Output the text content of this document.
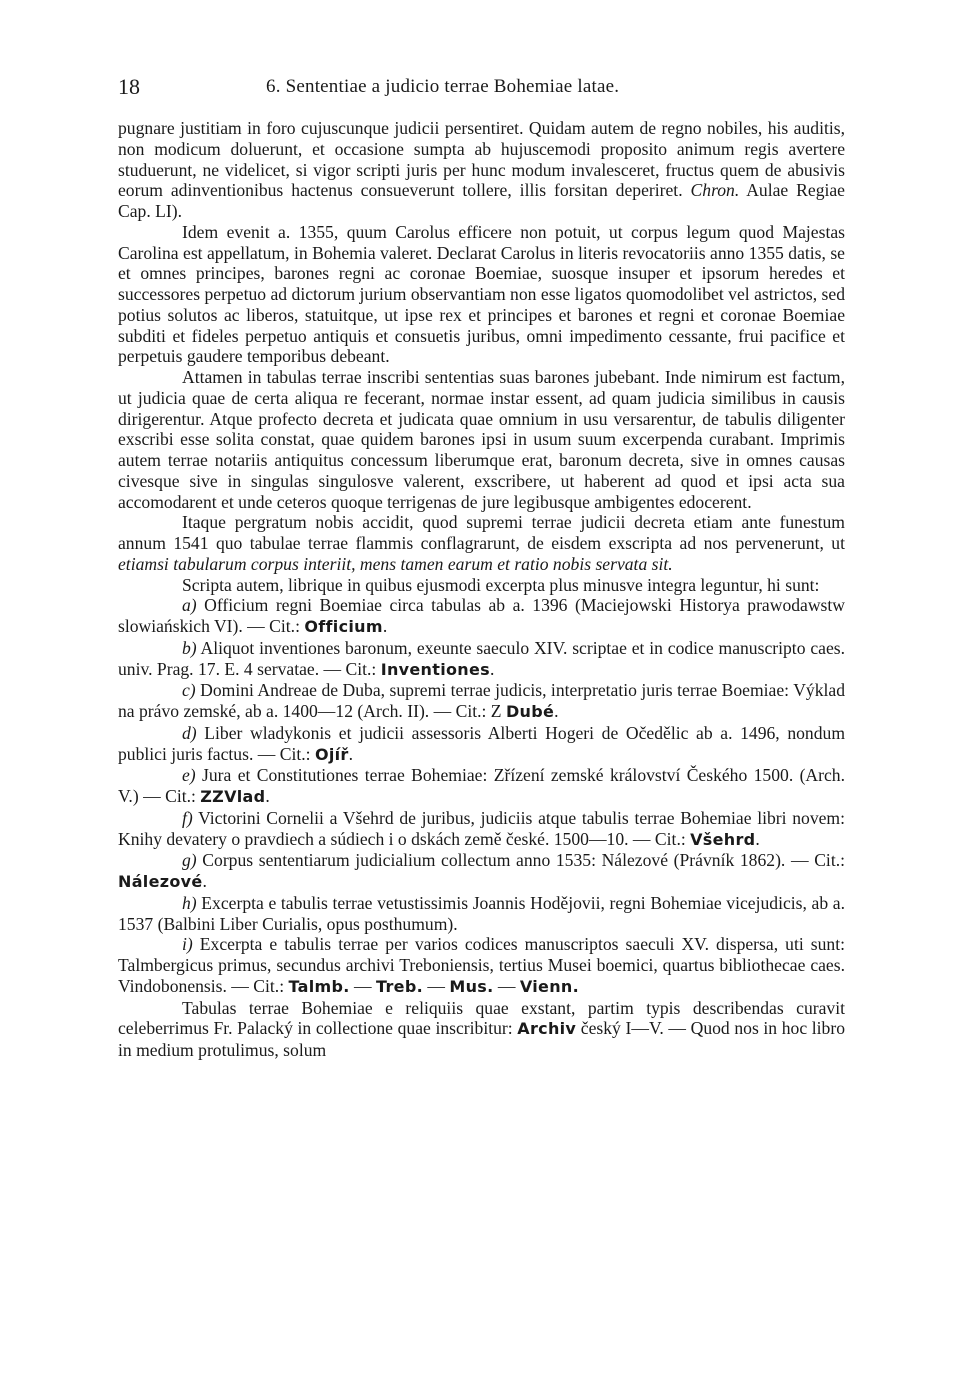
18	6. Sententiae a judicio terrae Bohemiae latae.

pugnare justitiam in foro cujuscunque judicii persentiret. Quidam autem de regno nobiles, his auditis, non modicum doluerunt, et occasione sumpta ab hujuscemodi proposito animum regis avertere studuerunt, ne videlicet, si vigor scripti juris per hunc modum invalesceret, fructus quem de abusivis eorum adinventionibus hactenus consueverunt tollere, illis forsitan deperiret. Chron. Aulae Regiae Cap. LI).

Idem evenit a. 1355, quum Carolus efficere non potuit, ut corpus legum quod Majestas Carolina est appellatum, in Bohemia valeret. Declarat Carolus in literis revocatoriis anno 1355 datis, se et omnes principes, barones regni ac coronae Boemiae, suosque insuper et ipsorum heredes et successores perpetuo ad dictorum jurium observantiam non esse ligatos quomodolibet vel astrictos, sed potius solutos ac liberos, statuitque, ut ipse rex et principes et barones et regni et coronae Boemiae subditi et fideles perpetuo antiquis et consuetis juribus, omni impedimento cessante, frui pacifice et perpetuis gaudere temporibus debeant.

Attamen in tabulas terrae inscribi sententias suas barones jubebant. Inde nimirum est factum, ut judicia quae de certa aliqua re fecerant, normae instar essent, ad quam judicia similibus in causis dirigerentur. Atque profecto decreta et judicata quae omnium in usu versarentur, de tabulis diligenter exscribi esse solita constat, quae quidem barones ipsi in usum suum excerpenda curabant. Imprimis autem terrae notariis antiquitus concessum liberumque erat, baronum decreta, sive in omnes causas civesque sive in singulas singulosve valerent, exscribere, ut haberent ad quod et ipsi acta sua accomodarent et unde ceteros quoque terrigenas de jure legibusque ambigentes edocerent.

Itaque pergratum nobis accidit, quod supremi terrae judicii decreta etiam ante funestum annum 1541 quo tabulae terrae flammis conflagrarunt, de eisdem exscripta ad nos pervenerunt, ut etiamsi tabularum corpus interiit, mens tamen earum et ratio nobis servata sit.

Scripta autem, librique in quibus ejusmodi excerpta plus minusve integra leguntur, hi sunt:

a) Officium regni Boemiae circa tabulas ab a. 1396 (Maciejowski Historya prawodawstw slowiańskich VI). — Cit.: Officium.

b) Aliquot inventiones baronum, exeunte saeculo XIV. scriptae et in codice manuscripto caes. univ. Prag. 17. E. 4 servatae. — Cit.: Inventiones.

c) Domini Andreae de Duba, supremi terrae judicis, interpretatio juris terrae Boemiae: Výklad na právo zemské, ab a. 1400—12 (Arch. II). — Cit.: Z Dubé.

d) Liber wladykonis et judicii assessoris Alberti Hogeri de Očedělic ab a. 1496, nondum publici juris factus. — Cit.: Ojíř.

e) Jura et Constitutiones terrae Bohemiae: Zřízení zemské království Českého 1500. (Arch. V.) — Cit.: ZZVlad.

f) Victorini Cornelii a Všehrd de juribus, judiciis atque tabulis terrae Bohemiae libri novem: Knihy devatery o pravdiech a súdiech i o dskách země české. 1500—10. — Cit.: Všehrd.

g) Corpus sententiarum judicialium collectum anno 1535: Nálezové (Právník 1862). — Cit.: Nálezové.

h) Excerpta e tabulis terrae vetustissimis Joannis Hodějovii, regni Bohemiae vicejudicis, ab a. 1537 (Balbini Liber Curialis, opus posthumum).

i) Excerpta e tabulis terrae per varios codices manuscriptos saeculi XV. dispersa, uti sunt: Talmbergicus primus, secundus archivi Treboniensis, tertius Musei boemici, quartus bibliothecae caes. Vindobonensis. — Cit.: Talmb. — Treb. — Mus. — Vienn.

Tabulas terrae Bohemiae e reliquiis quae exstant, partim typis describendas curavit celeberrimus Fr. Palacký in collectione quae inscribitur: Archiv český I—V. — Quod nos in hoc libro in medium protulimus, solum
